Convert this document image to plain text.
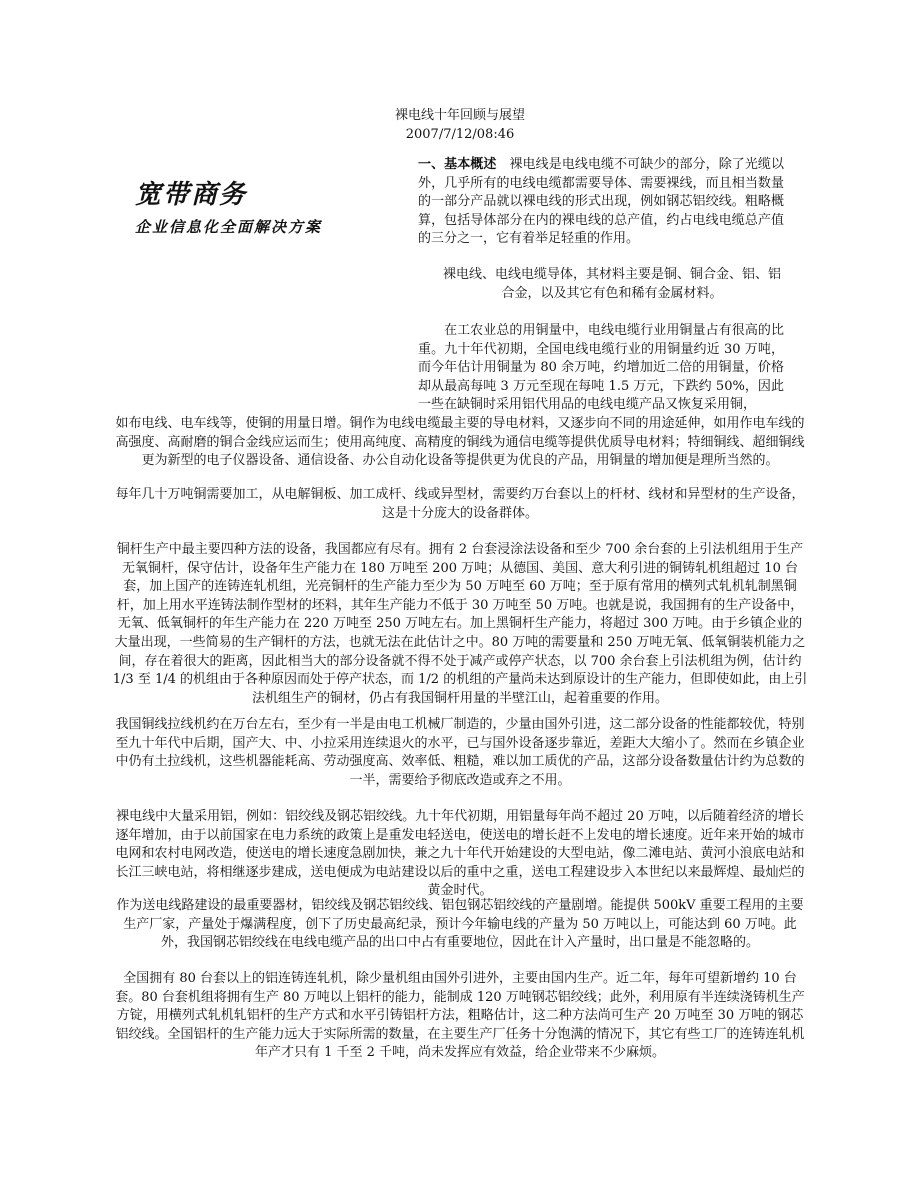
裸电线十年回顾与展望
2007/7/12/08:46
宽带商务
企业信息化全面解决方案
一、基本概述　裸电线是电线电缆不可缺少的部分，除了光缆以外，几乎所有的电线电缆都需要导体、需要裸线，而且相当数量的一部分产品就以裸电线的形式出现，例如钢芯铝绞线。粗略概算，包括导体部分在内的裸电线的总产值，约占电线电缆总产值的三分之一，它有着举足轻重的作用。
裸电线、电线电缆导体，其材料主要是铜、铜合金、铝、铝合金，以及其它有色和稀有金属材料。
在工农业总的用铜量中，电线电缆行业用铜量占有很高的比重。九十年代初期，全国电线电缆行业的用铜量约近 30 万吨，而今年估计用铜量为 80 余万吨，约增加近二倍的用铜量，价格却从最高每吨 3 万元至现在每吨 1.5 万元，下跌约 50%，因此一些在缺铜时采用铝代用品的电线电缆产品又恢复采用铜，
如布电线、电车线等，使铜的用量日增。铜作为电线电缆最主要的导电材料，又逐步向不同的用途延伸，如用作电车线的高强度、高耐磨的铜合金线应运而生；使用高纯度、高精度的铜线为通信电缆等提供优质导电材料；特细铜线、超细铜线更为新型的电子仪器设备、通信设备、办公自动化设备等提供更为优良的产品，用铜量的增加便是理所当然的。
每年几十万吨铜需要加工，从电解铜板、加工成杆、线或异型材，需要约万台套以上的杆材、线材和异型材的生产设备，这是十分庞大的设备群体。
铜杆生产中最主要四种方法的设备，我国都应有尽有。拥有 2 台套浸涂法设备和至少 700 余台套的上引法机组用于生产无氧铜杆，保守估计，设备年生产能力在 180 万吨至 200 万吨；从德国、美国、意大利引进的铜铸轧机组超过 10 台套，加上国产的连铸连轧机组，光亮铜杆的生产能力至少为 50 万吨至 60 万吨；至于原有常用的横列式轧机轧制黑铜杆，加上用水平连铸法制作型材的坯料，其年生产能力不低于 30 万吨至 50 万吨。也就是说，我国拥有的生产设备中，无氧、低氧铜杆的年生产能力在 220 万吨至 250 万吨左右。加上黑铜杆生产能力，将超过 300 万吨。由于乡镇企业的大量出现，一些简易的生产铜杆的方法，也就无法在此估计之中。80 万吨的需要量和 250 万吨无氧、低氧铜装机能力之间，存在着很大的距离，因此相当大的部分设备就不得不处于减产或停产状态，以 700 余台套上引法机组为例，估计约 1/3 至 1/4 的机组由于各种原因而处于停产状态，而 1/2 的机组的产量尚未达到原设计的生产能力，但即使如此，由上引法机组生产的铜材，仍占有我国铜杆用量的半壁江山，起着重要的作用。
我国铜线拉线机约在万台左右，至少有一半是由电工机械厂制造的，少量由国外引进，这二部分设备的性能都较优，特别至九十年代中后期，国产大、中、小拉采用连续退火的水平，已与国外设备逐步靠近，差距大大缩小了。然而在乡镇企业中仍有土拉线机，这些机器能耗高、劳动强度高、效率低、粗糙，难以加工质优的产品，这部分设备数量估计约为总数的一半，需要给予彻底改造或弃之不用。
裸电线中大量采用铝，例如：铝绞线及钢芯铝绞线。九十年代初期，用铝量每年尚不超过 20 万吨，以后随着经济的增长逐年增加，由于以前国家在电力系统的政策上是重发电轻送电，使送电的增长赶不上发电的增长速度。近年来开始的城市电网和农村电网改造，使送电的增长速度急剧加快，兼之九十年代开始建设的大型电站，像二滩电站、黄河小浪底电站和长江三峡电站，将相继逐步建成，送电便成为电站建设以后的重中之重，送电工程建设步入本世纪以来最辉煌、最灿烂的黄金时代。
作为送电线路建设的最重要器材，铝绞线及钢芯铝绞线、铝包钢芯铝绞线的产量剧增。能提供 500kV 重要工程用的主要生产厂家，产量处于爆满程度，创下了历史最高纪录，预计今年输电线的产量为 50 万吨以上，可能达到 60 万吨。此外，我国钢芯铝绞线在电线电缆产品的出口中占有重要地位，因此在计入产量时，出口量是不能忽略的。
全国拥有 80 台套以上的铝连铸连轧机，除少量机组由国外引进外，主要由国内生产。近二年，每年可望新增约 10 台套。80 台套机组将拥有生产 80 万吨以上铝杆的能力，能制成 120 万吨钢芯铝绞线；此外，利用原有半连续浇铸机生产方锭，用横列式轧机轧铝杆的生产方式和水平引铸铝杆方法，粗略估计，这二种方法尚可生产 20 万吨至 30 万吨的钢芯铝绞线。全国铝杆的生产能力远大于实际所需的数量，在主要生产厂任务十分饱满的情况下，其它有些工厂的连铸连轧机年产才只有 1 千至 2 千吨，尚未发挥应有效益，给企业带来不少麻烦。
